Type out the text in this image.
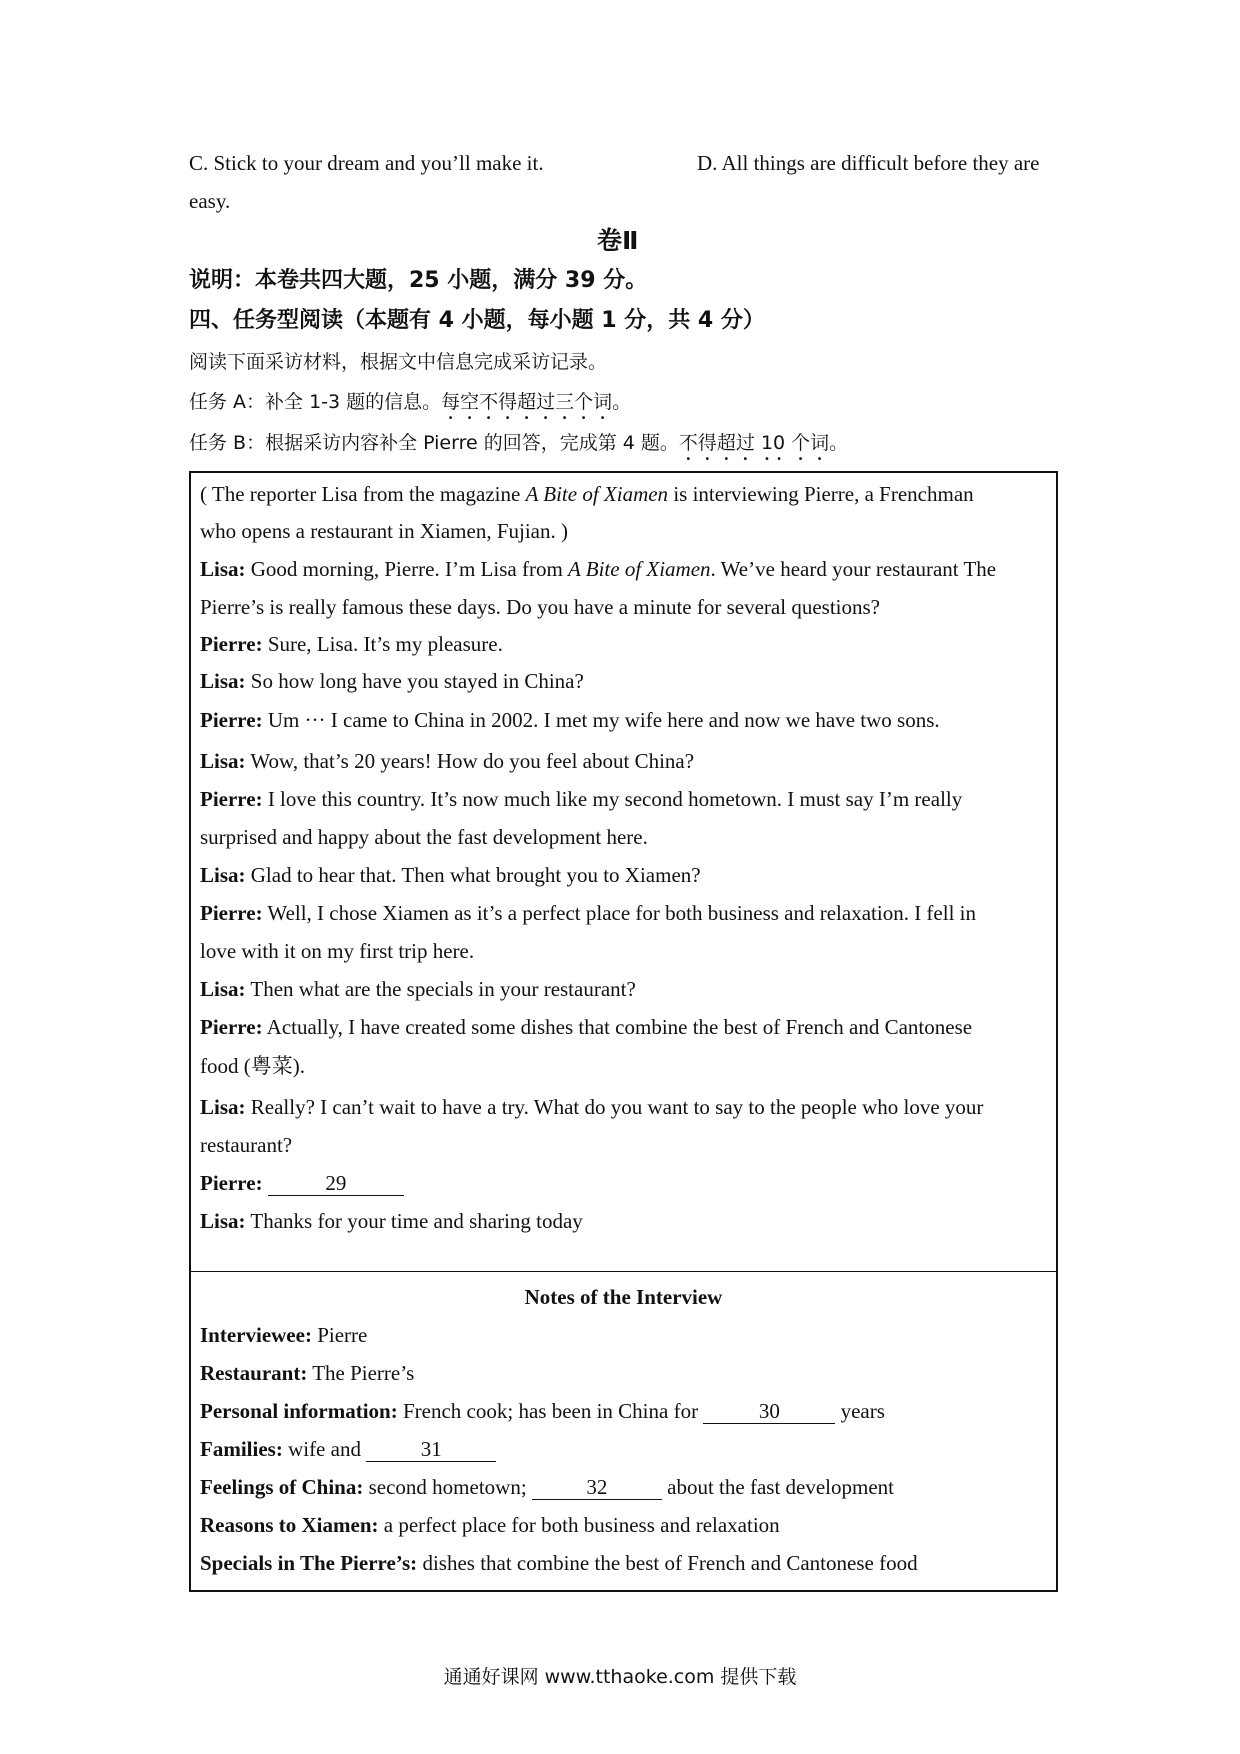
C. Stick to your dream and you’ll make it.	D. All things are difficult before they are
easy.
卷Ⅱ
说明：本卷共四大题，25 小题，满分 39 分。
四、任务型阅读（本题有 4 小题，每小题 1 分，共 4 分）
阅读下面采访材料，根据文中信息完成采访记录。
任务 A：补全 1-3 题的信息。每空不得超过三个词。
任务 B：根据采访内容补全 Pierre 的回答，完成第 4 题。不得超过 10 个词。
( The reporter Lisa from the magazine A Bite of Xiamen is interviewing Pierre, a Frenchman
who opens a restaurant in Xiamen, Fujian. )
Lisa: Good morning, Pierre. I’m Lisa from A Bite of Xiamen. We’ve heard your restaurant The
Pierre’s is really famous these days. Do you have a minute for several questions?
Pierre: Sure, Lisa. It’s my pleasure.
Lisa: So how long have you stayed in China?
Pierre: Um ··· I came to China in 2002. I met my wife here and now we have two sons.
Lisa: Wow, that’s 20 years! How do you feel about China?
Pierre: I love this country. It’s now much like my second hometown. I must say I’m really
surprised and happy about the fast development here.
Lisa: Glad to hear that. Then what brought you to Xiamen?
Pierre: Well, I chose Xiamen as it’s a perfect place for both business and relaxation. I fell in
love with it on my first trip here.
Lisa: Then what are the specials in your restaurant?
Pierre: Actually, I have created some dishes that combine the best of French and Cantonese
food (粤菜).
Lisa: Really? I can’t wait to have a try. What do you want to say to the people who love your
restaurant?
Pierre:	29
Lisa: Thanks for your time and sharing today
Notes of the Interview
Interviewee: Pierre
Restaurant: The Pierre’s
Personal information: French cook; has been in China for	30	years
Families: wife and	31
Feelings of China: second hometown;	32	about the fast development
Reasons to Xiamen: a perfect place for both business and relaxation
Specials in The Pierre’s: dishes that combine the best of French and Cantonese food
通通好课网 www.tthaoke.com 提供下载
